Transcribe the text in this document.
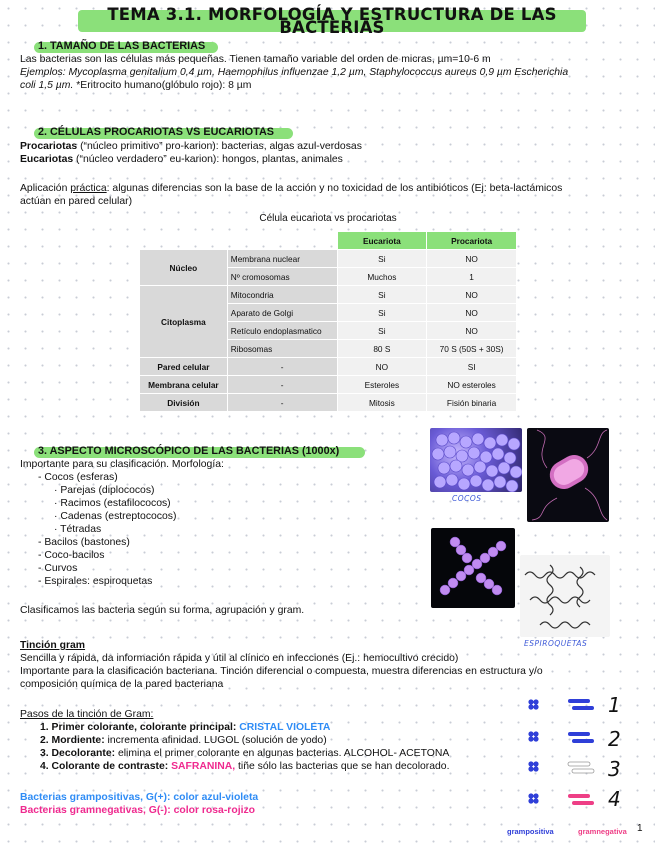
TEMA 3.1. MORFOLOGÍA Y ESTRUCTURA DE LAS BACTERIAS
1. TAMAÑO DE LAS BACTERIAS
Las bacterias son las células más pequeñas. Tienen tamaño variable del orden de micras, µm=10-6 m
Ejemplos: Mycoplasma genitalium 0,4 µm, Haemophilus influenzae 1,2 µm, Staphylococcus aureus 0,9 µm Escherichia
coli 1,5 µm. *Eritrocito humano(glóbulo rojo): 8 µm
2. CÉLULAS PROCARIOTAS VS EUCARIOTAS
Procariotas (“núcleo primitivo” pro-karion): bacterias, algas azul-verdosas
Eucariotas (“núcleo verdadero” eu-karion): hongos, plantas, animales
Aplicación práctica: algunas diferencias son la base de la acción y no toxicidad de los antibióticos (Ej: beta-lactámicos
actúan en pared celular)
Célula eucariota vs procariotas
		Eucariota	Procariota
Núcleo	Membrana nuclear	Si	NO
	Nº cromosomas	Muchos	1
Citoplasma	Mitocondria	Si	NO
	Aparato de Golgi	Si	NO
	Retículo endoplasmatico	Si	NO
	Ribosomas	80 S	70 S (50S + 30S)
Pared celular	-	NO	SI
Membrana celular	-	Esteroles	NO esteroles
División	-	Mitosis	Fisión binaria
3. ASPECTO MICROSCÓPICO DE LAS BACTERIAS (1000x)
Importante para su clasificación. Morfología:
- Cocos (esferas)
· Parejas (diplococos)
· Racimos (estafilococos)
· Cadenas (estreptococos)
· Tétradas
- Bacilos (bastones)
- Coco-bacilos
- Curvos
- Espirales: espiroquetas
Clasificamos las bacteria según su forma, agrupación y gram.
COCOS
ESPIROQUETAS
Tinción gram
Sencilla y rápida, da información rápida y útil al clínico en infecciones (Ej.: hemocultivo crecido)
Importante para la clasificación bacteriana. Tinción diferencial o compuesta, muestra diferencias en estructura y/o
composición química de la pared bacteriana
Pasos de la tinción de Gram:
1. Primer colorante, colorante principal: CRISTAL VIOLETA
2. Mordiente: incrementa afinidad. LUGOL (solución de yodo)
3. Decolorante: elimina el primer colorante en algunas bacterias. ALCOHOL- ACETONA
4. Colorante de contraste: SAFRANINA, tiñe sólo las bacterias que se han decolorado.
Bacterias grampositivas, G(+): color azul-violeta
Bacterias gramnegativas, G(-): color rosa-rojizo
1
2
3
4
grampositiva	gramnegativa 1
